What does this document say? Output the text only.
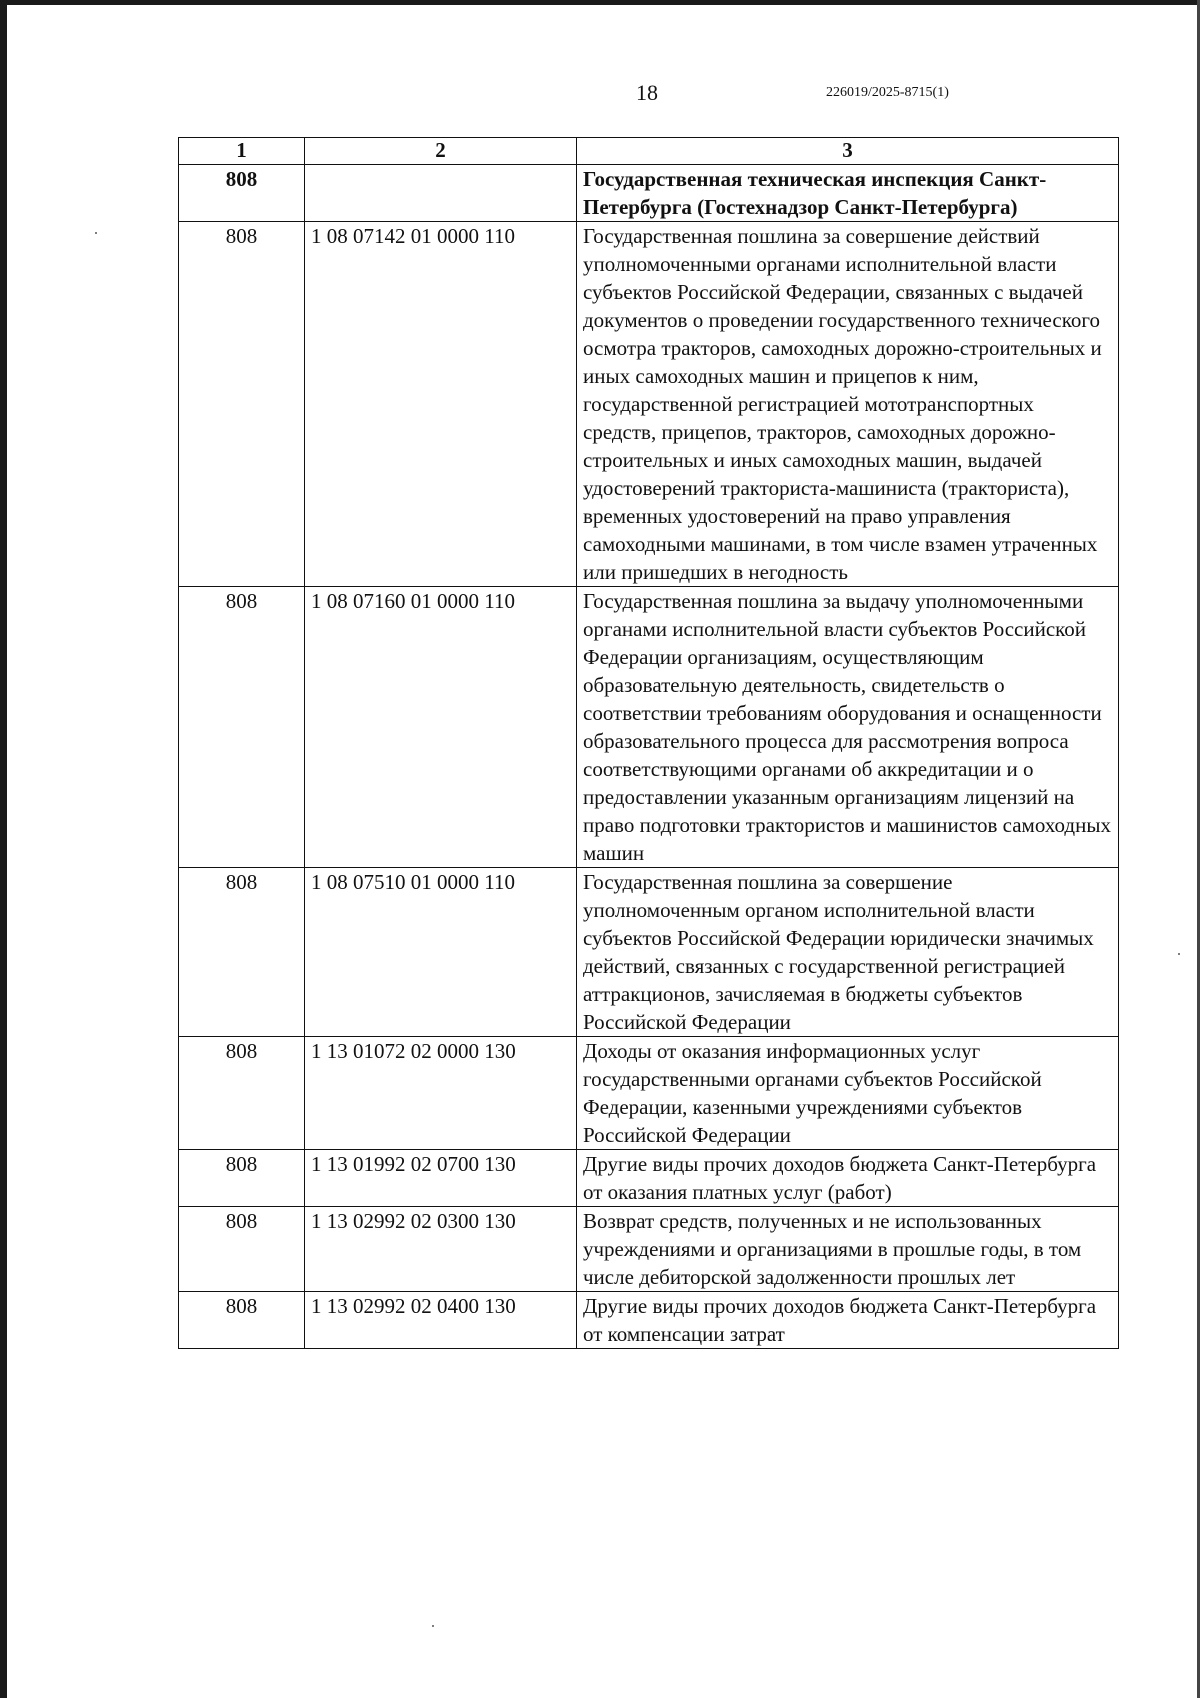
18	226019/2025-8715(1)
1	2	3
808		Государственная техническая инспекция Санкт-Петербурга (Гостехнадзор Санкт-Петербурга)
808	1 08 07142 01 0000 110	Государственная пошлина за совершение действий уполномоченными органами исполнительной власти субъектов Российской Федерации, связанных с выдачей документов о проведении государственного технического осмотра тракторов, самоходных дорожно-строительных и иных самоходных машин и прицепов к ним, государственной регистрацией мототранспортных средств, прицепов, тракторов, самоходных дорожно-строительных и иных самоходных машин, выдачей удостоверений тракториста-машиниста (тракториста), временных удостоверений на право управления самоходными машинами, в том числе взамен утраченных или пришедших в негодность
808	1 08 07160 01 0000 110	Государственная пошлина за выдачу уполномоченными органами исполнительной власти субъектов Российской Федерации организациям, осуществляющим образовательную деятельность, свидетельств о соответствии требованиям оборудования и оснащенности образовательного процесса для рассмотрения вопроса соответствующими органами об аккредитации и о предоставлении указанным организациям лицензий на право подготовки трактористов и машинистов самоходных машин
808	1 08 07510 01 0000 110	Государственная пошлина за совершение уполномоченным органом исполнительной власти субъектов Российской Федерации юридически значимых действий, связанных с государственной регистрацией аттракционов, зачисляемая в бюджеты субъектов Российской Федерации
808	1 13 01072 02 0000 130	Доходы от оказания информационных услуг государственными органами субъектов Российской Федерации, казенными учреждениями субъектов Российской Федерации
808	1 13 01992 02 0700 130	Другие виды прочих доходов бюджета Санкт-Петербурга от оказания платных услуг (работ)
808	1 13 02992 02 0300 130	Возврат средств, полученных и не использованных учреждениями и организациями в прошлые годы, в том числе дебиторской задолженности прошлых лет
808	1 13 02992 02 0400 130	Другие виды прочих доходов бюджета Санкт-Петербурга от компенсации затрат
